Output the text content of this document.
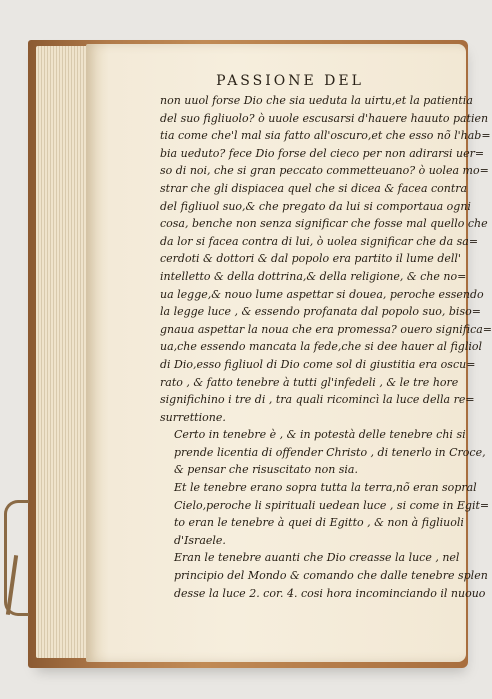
PASSIONE DEL

non uuol forse Dio che sia ueduta la uirtu,et la patientia
del suo figliuolo? ò uuole escusarsi d'hauere hauuto patien
tia come che'l mal sia fatto all'oscuro,et che esso nõ l'hab=
bia ueduto? fece Dio forse del cieco per non adirarsi uer=
so di noi, che si gran peccato commetteuano? ò uolea mo=
strar che gli dispiacea quel che si dicea & facea contra
del figliuol suo,& che pregato da lui si comportaua ogni
cosa, benche non senza significar che fosse mal quello che
da lor si facea contra di lui, ò uolea significar che da sa=
cerdoti & dottori & dal popolo era partito il lume dell'
intelletto & della dottrina,& della religione, & che no=
ua legge,& nouo lume aspettar si douea, peroche essendo
la legge luce , & essendo profanata dal popolo suo, biso=
gnaua aspettar la noua che era promessa? ouero significa=
ua,che essendo mancata la fede,che si dee hauer al figliol
di Dio,esso figliuol di Dio come sol di giustitia era oscu=
rato , & fatto tenebre à tutti gl'infedeli , & le tre hore
significhino i tre di , tra quali ricomincì la luce della re=
surrettione.

Certo in tenebre è , & in potestà delle tenebre chi si
prende licentia di offender Christo , di tenerlo in Croce,
& pensar che risuscitato non sia.

Et le tenebre erano sopra tutta la terra,nõ eran sopral
Cielo,peroche li spirituali uedean luce , si come in Egit=
to eran le tenebre à quei di Egitto , & non à figliuoli
d'Israele.

Eran le tenebre auanti che Dio creasse la luce , nel
principio del Mondo & comando che dalle tenebre splen
desse la luce 2. cor. 4. cosi hora incominciando il nuouo
